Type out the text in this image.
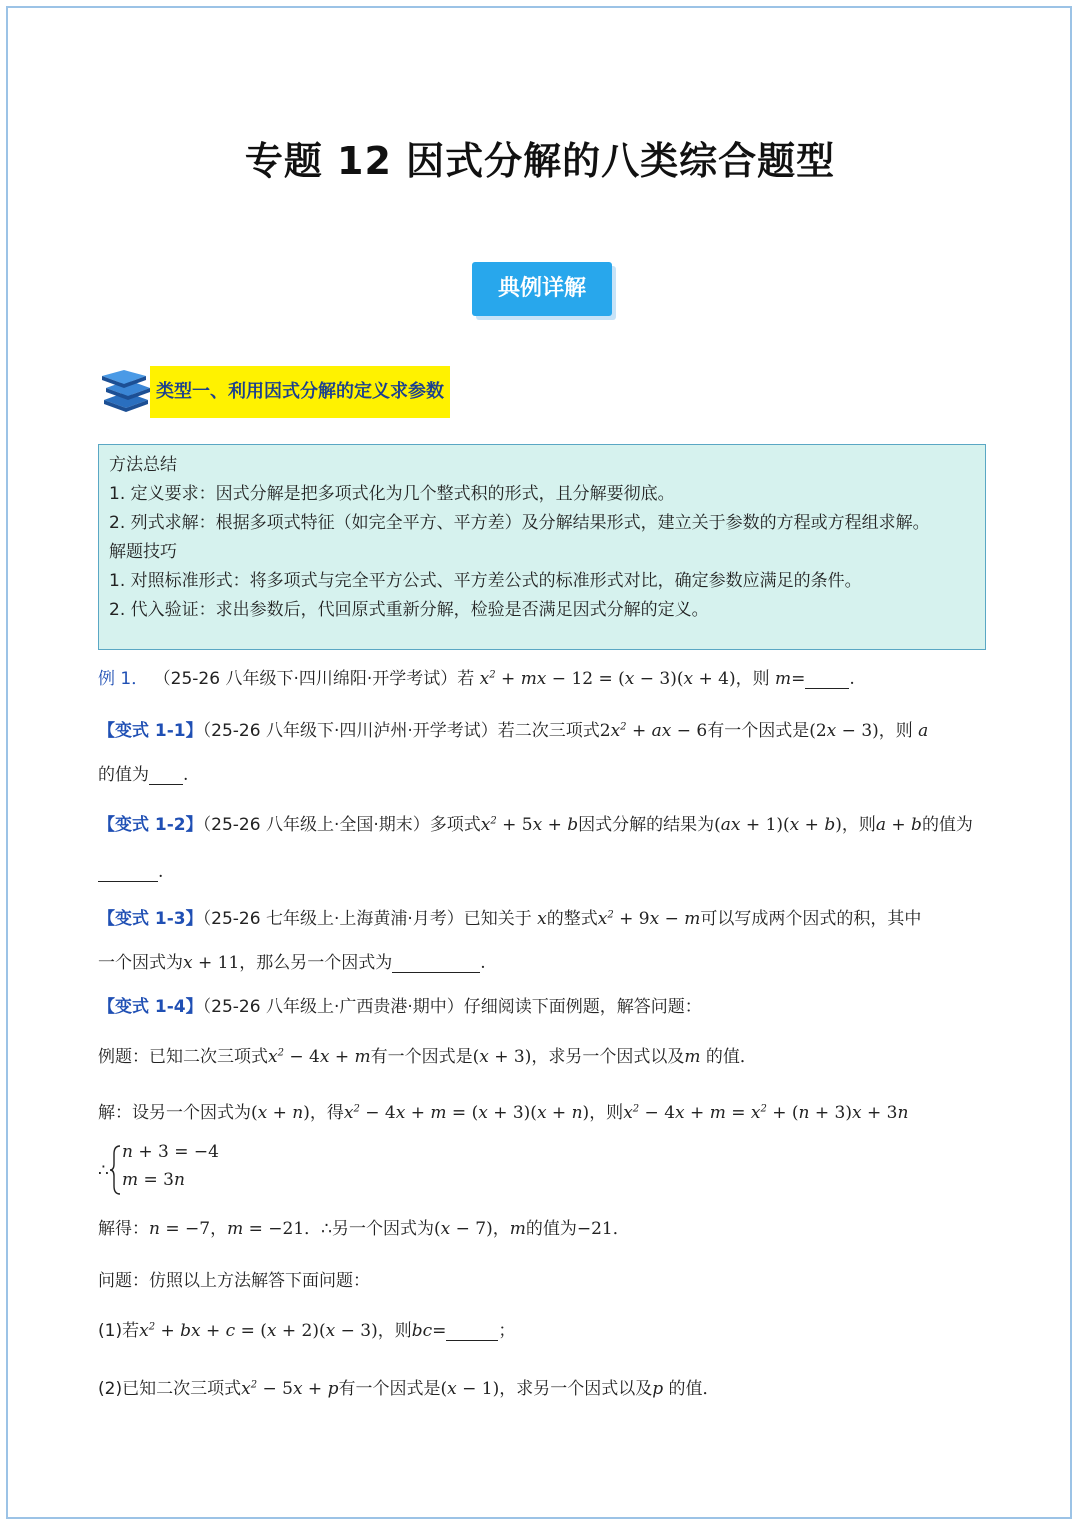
专题 12 因式分解的八类综合题型
典例详解
类型一、利用因式分解的定义求参数
方法总结
1. 定义要求：因式分解是把多项式化为几个整式积的形式，且分解要彻底。
2. 列式求解：根据多项式特征（如完全平方、平方差）及分解结果形式，建立关于参数的方程或方程组求解。
解题技巧
1. 对照标准形式：将多项式与完全平方公式、平方差公式的标准形式对比，确定参数应满足的条件。
2. 代入验证：求出参数后，代回原式重新分解，检验是否满足因式分解的定义。
例 1． （25-26 八年级下·四川绵阳·开学考试）若 $x^2$ + mx − 12 = (x − 3)(x + 4)，则 m=	.
【变式 1-1】（25-26 八年级下·四川泸州·开学考试）若二次三项式$2x^2$ + ax − 6有一个因式是(2x − 3)，则 a
的值为 .
【变式 1-2】（25-26 八年级上·全国·期末）多项式$x^2 + 5x + b$因式分解的结果为(ax + 1)(x + b)，则a + b的值为
.
【变式 1-3】（25-26 七年级上·上海黄浦·月考）已知关于 x的整式$x^2 + 9x - m$可以写成两个因式的积，其中
一个因式为x + 11，那么另一个因式为	.
【变式 1-4】（25-26 八年级上·广西贵港·期中）仔细阅读下面例题，解答问题：
例题：已知二次三项式$x^2 - 4x + m$有一个因式是(x + 3)，求另一个因式以及m 的值．
解：设另一个因式为(x + n)，得$x^2 - 4x + m = (x + 3)(x + n)$，则$x^2 - 4x + m = x^2 + (n + 3)x + 3n$
∴
n + 3 = −4
m = 3n
解得：n = −7，m = −21．∴另一个因式为(x − 7)，m的值为−21．
问题：仿照以上方法解答下面问题：
(1)若$x^2$ + bx + c = (x + 2)(x − 3)，则bc=	；
(2)已知二次三项式$x^2 - 5x + p$有一个因式是(x − 1)，求另一个因式以及p 的值．
